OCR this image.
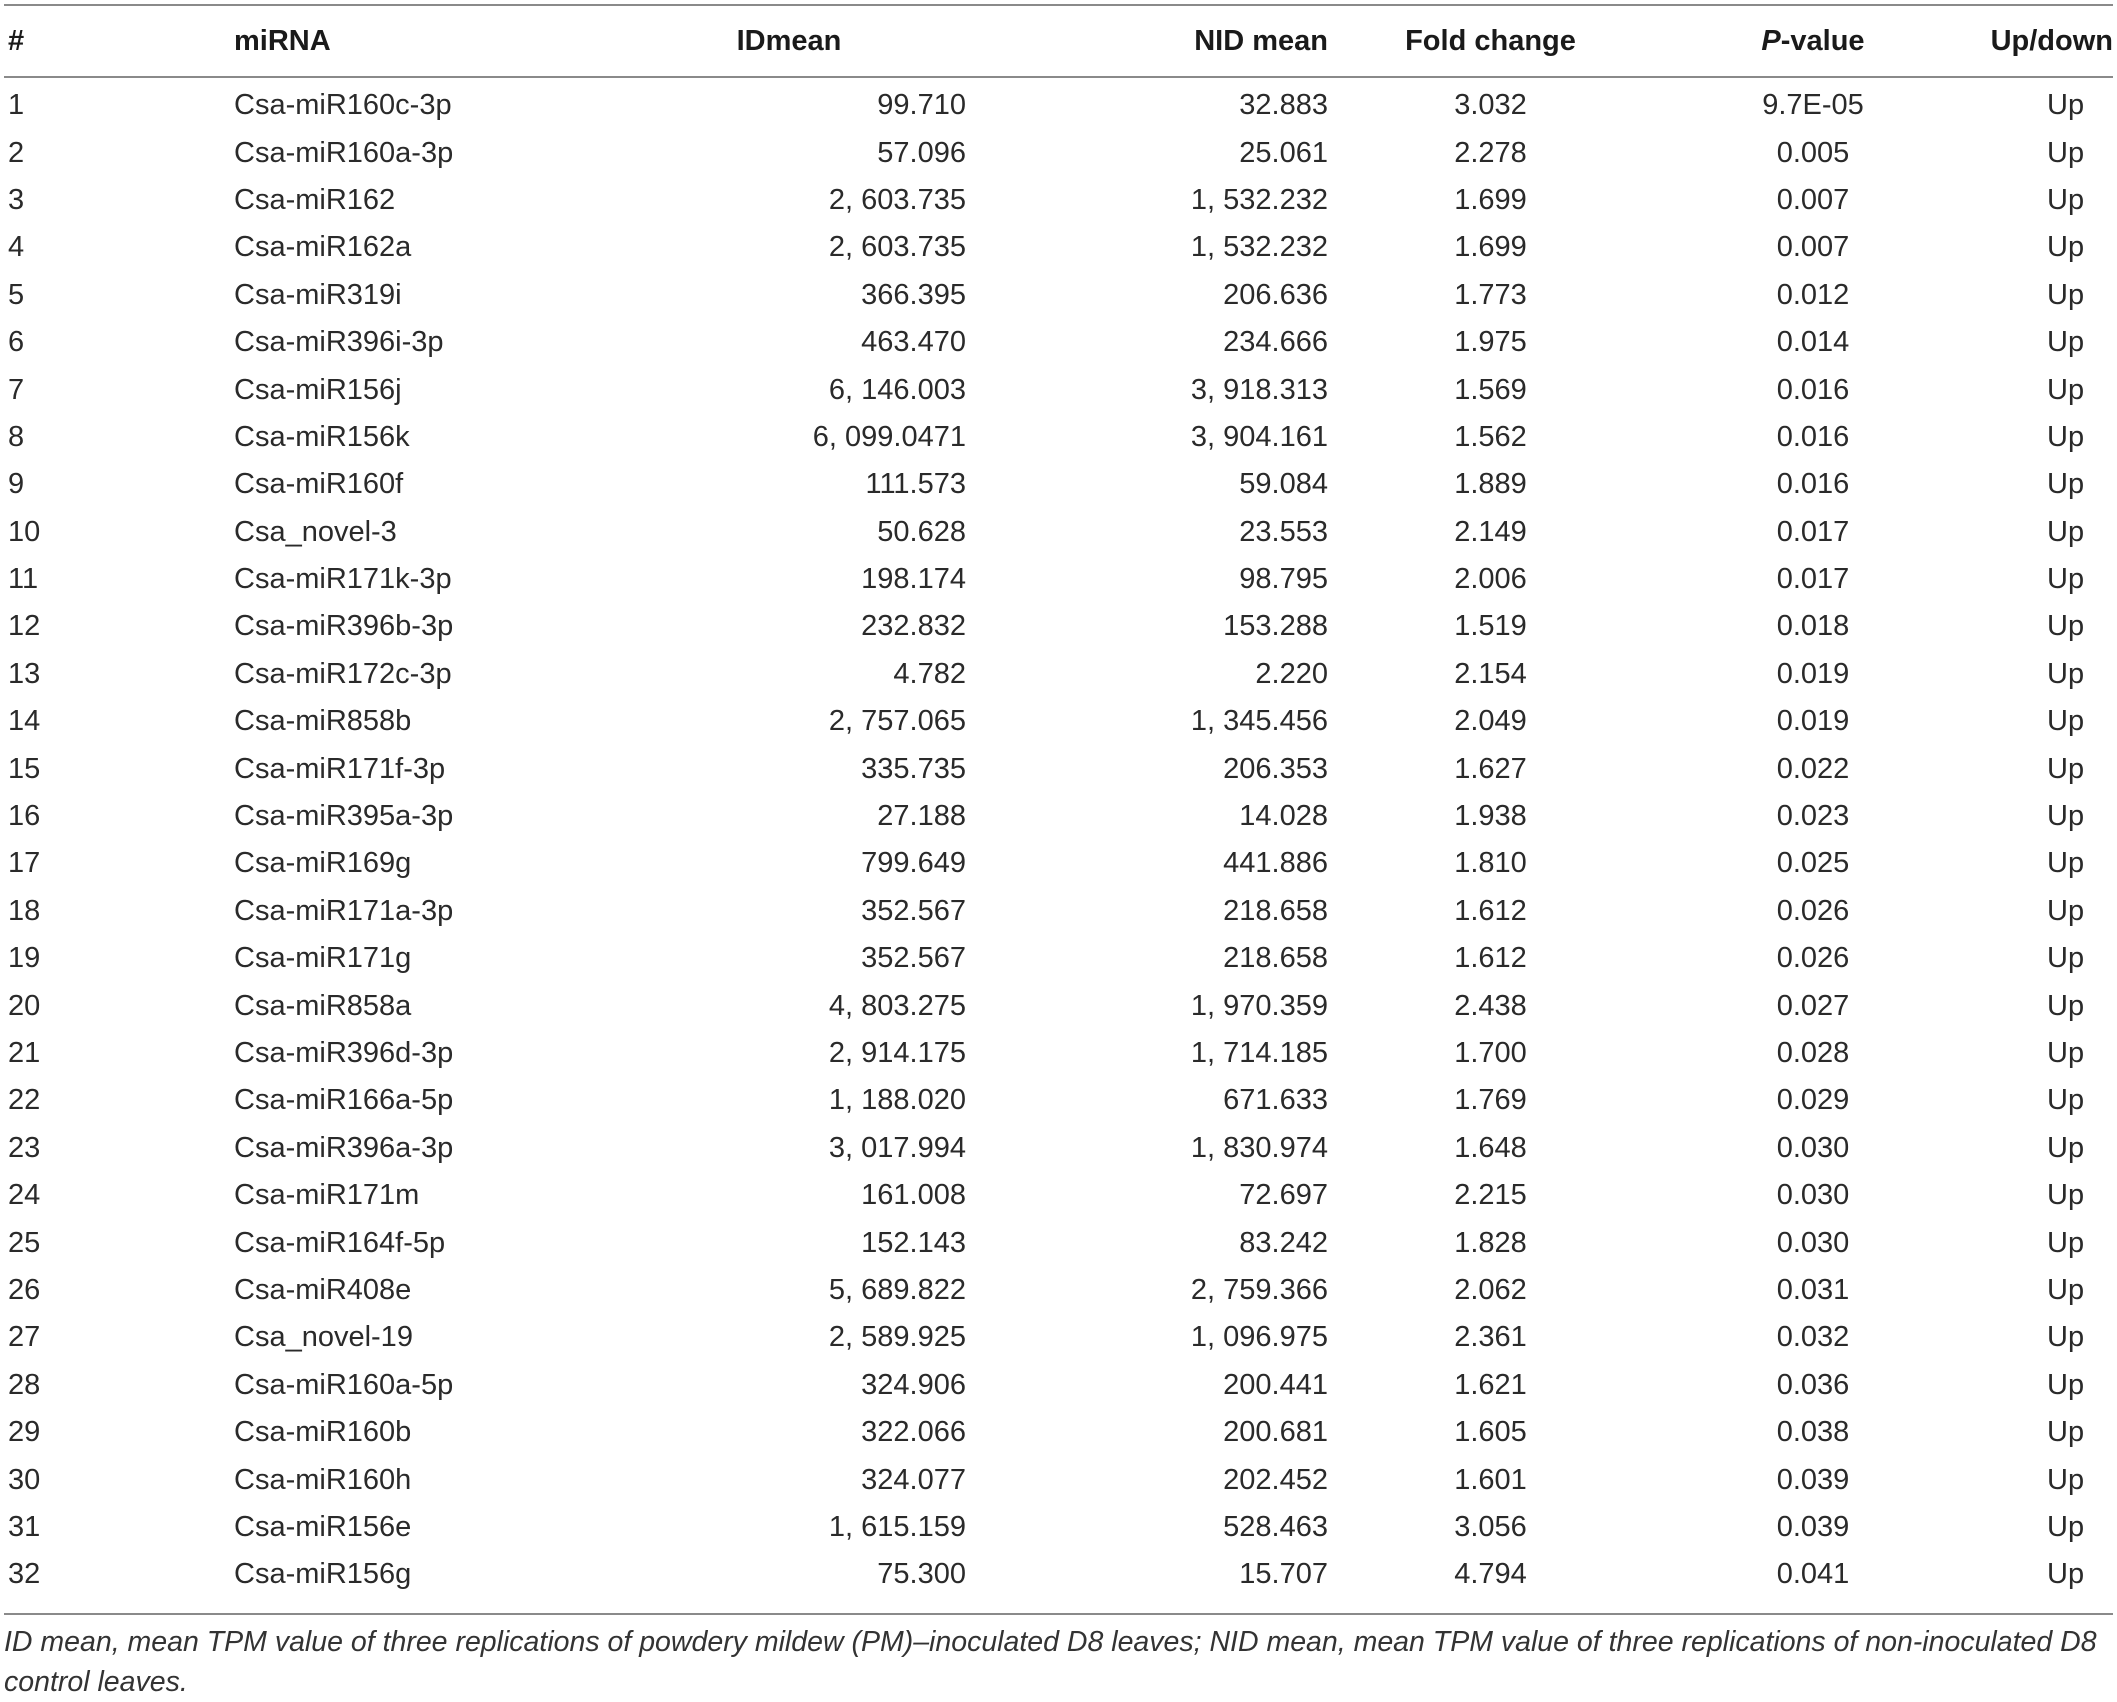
#	miRNA	IDmean	NID mean	Fold change	P-value	Up/down
1	Csa-miR160c-3p	99.710	32.883	3.032	9.7E-05	Up
2	Csa-miR160a-3p	57.096	25.061	2.278	0.005	Up
3	Csa-miR162	2, 603.735	1, 532.232	1.699	0.007	Up
4	Csa-miR162a	2, 603.735	1, 532.232	1.699	0.007	Up
5	Csa-miR319i	366.395	206.636	1.773	0.012	Up
6	Csa-miR396i-3p	463.470	234.666	1.975	0.014	Up
7	Csa-miR156j	6, 146.003	3, 918.313	1.569	0.016	Up
8	Csa-miR156k	6, 099.0471	3, 904.161	1.562	0.016	Up
9	Csa-miR160f	111.573	59.084	1.889	0.016	Up
10	Csa_novel-3	50.628	23.553	2.149	0.017	Up
11	Csa-miR171k-3p	198.174	98.795	2.006	0.017	Up
12	Csa-miR396b-3p	232.832	153.288	1.519	0.018	Up
13	Csa-miR172c-3p	4.782	2.220	2.154	0.019	Up
14	Csa-miR858b	2, 757.065	1, 345.456	2.049	0.019	Up
15	Csa-miR171f-3p	335.735	206.353	1.627	0.022	Up
16	Csa-miR395a-3p	27.188	14.028	1.938	0.023	Up
17	Csa-miR169g	799.649	441.886	1.810	0.025	Up
18	Csa-miR171a-3p	352.567	218.658	1.612	0.026	Up
19	Csa-miR171g	352.567	218.658	1.612	0.026	Up
20	Csa-miR858a	4, 803.275	1, 970.359	2.438	0.027	Up
21	Csa-miR396d-3p	2, 914.175	1, 714.185	1.700	0.028	Up
22	Csa-miR166a-5p	1, 188.020	671.633	1.769	0.029	Up
23	Csa-miR396a-3p	3, 017.994	1, 830.974	1.648	0.030	Up
24	Csa-miR171m	161.008	72.697	2.215	0.030	Up
25	Csa-miR164f-5p	152.143	83.242	1.828	0.030	Up
26	Csa-miR408e	5, 689.822	2, 759.366	2.062	0.031	Up
27	Csa_novel-19	2, 589.925	1, 096.975	2.361	0.032	Up
28	Csa-miR160a-5p	324.906	200.441	1.621	0.036	Up
29	Csa-miR160b	322.066	200.681	1.605	0.038	Up
30	Csa-miR160h	324.077	202.452	1.601	0.039	Up
31	Csa-miR156e	1, 615.159	528.463	3.056	0.039	Up
32	Csa-miR156g	75.300	15.707	4.794	0.041	Up
ID mean, mean TPM value of three replications of powdery mildew (PM)–inoculated D8 leaves; NID mean, mean TPM value of three replications of non-inoculated D8 control leaves.
